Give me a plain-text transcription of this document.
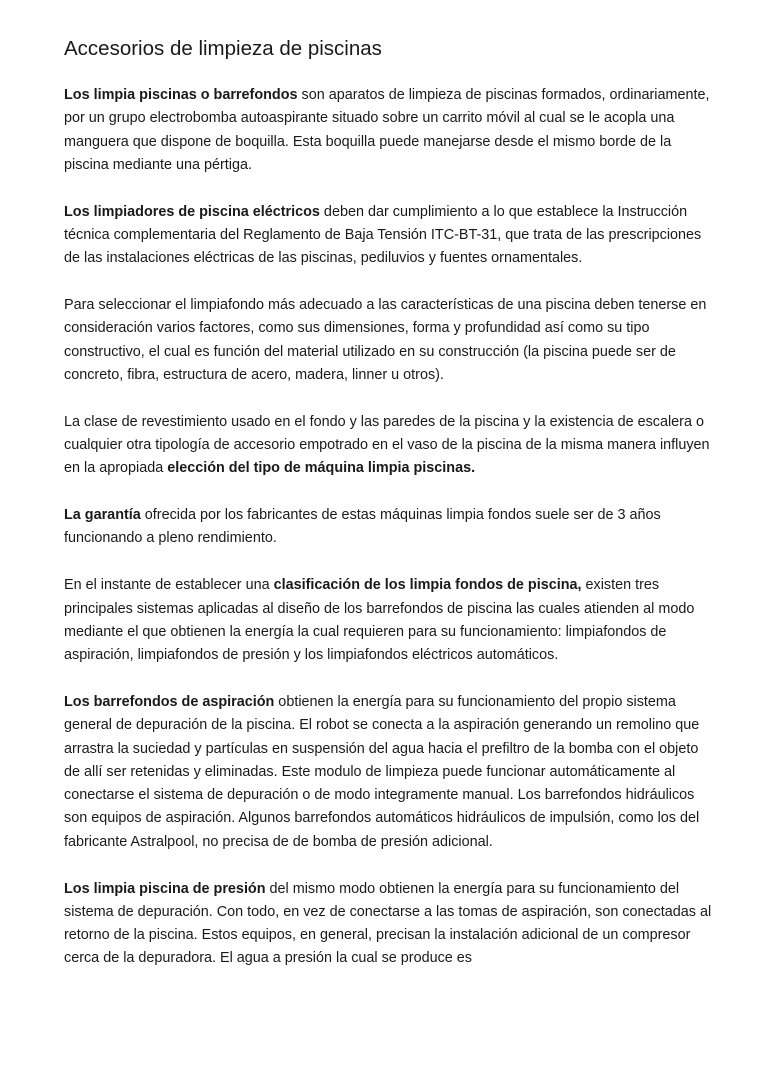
Accesorios de limpieza de piscinas

Los limpia piscinas o barrefondos son aparatos de limpieza de piscinas formados, ordinariamente, por un grupo electrobomba autoaspirante situado sobre un carrito móvil al cual se le acopla una manguera que dispone de boquilla. Esta boquilla puede manejarse desde el mismo borde de la piscina mediante una pértiga.

Los limpiadores de piscina eléctricos deben dar cumplimiento a lo que establece la Instrucción técnica complementaria del Reglamento de Baja Tensión ITC-BT-31, que trata de las prescripciones de las instalaciones eléctricas de las piscinas, pediluvios y fuentes ornamentales.

Para seleccionar el limpiafondo más adecuado a las características de una piscina deben tenerse en consideración varios factores, como sus dimensiones, forma y profundidad así como su tipo constructivo, el cual es función del material utilizado en su construcción (la piscina puede ser de concreto, fibra, estructura de acero, madera, linner u otros).

La clase de revestimiento usado en el fondo y las paredes de la piscina y la existencia de escalera o cualquier otra tipología de accesorio empotrado en el vaso de la piscina de la misma manera influyen en la apropiada elección del tipo de máquina limpia piscinas.

La garantía ofrecida por los fabricantes de estas máquinas limpia fondos suele ser de 3 años funcionando a pleno rendimiento.

En el instante de establecer una clasificación de los limpia fondos de piscina, existen tres principales sistemas aplicadas al diseño de los barrefondos de piscina las cuales atienden al modo mediante el que obtienen la energía la cual requieren para su funcionamiento: limpiafondos de aspiración, limpiafondos de presión y los limpiafondos eléctricos automáticos.

Los barrefondos de aspiración obtienen la energía para su funcionamiento del propio sistema general de depuración de la piscina. El robot se conecta a la aspiración generando un remolino que arrastra la suciedad y partículas en suspensión del agua hacia el prefiltro de la bomba con el objeto de allí ser retenidas y eliminadas. Este modulo de limpieza puede funcionar automáticamente al conectarse el sistema de depuración o de modo integramente manual. Los barrefondos hidráulicos son equipos de aspiración. Algunos barrefondos automáticos hidráulicos de impulsión, como los del fabricante Astralpool, no precisa de de bomba de presión adicional.

Los limpia piscina de presión del mismo modo obtienen la energía para su funcionamiento del sistema de depuración. Con todo, en vez de conectarse a las tomas de aspiración, son conectadas al retorno de la piscina. Estos equipos, en general, precisan la instalación adicional de un compresor cerca de la depuradora. El agua a presión la cual se produce es
